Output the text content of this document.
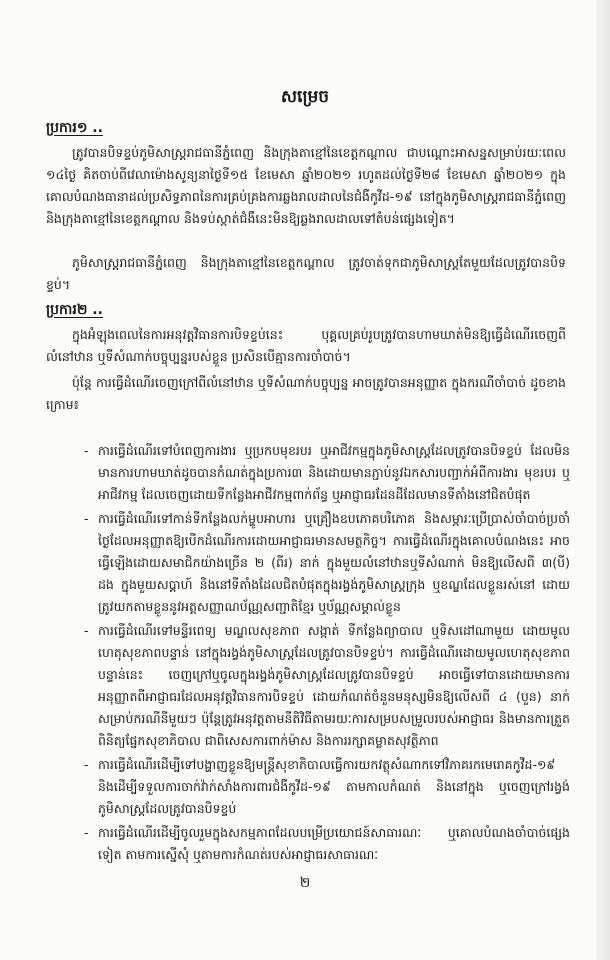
សម្រេច
ប្រការ១ ..
ត្រូវបានបិទខ្ទប់ភូមិសាស្ត្ររាជធានីភ្នំពេញ និងក្រុងតាខ្មៅនៃខេត្តកណ្ដាល ជាបណ្ដោះអាសន្នសម្រាប់រយៈពេល ១៤ថ្ងៃ គិតចាប់ពីវេលាម៉ោងសូន្យនាថ្ងៃទី១៥ ខែមេសា ឆ្នាំ២០២១ រហូតដល់ថ្ងៃទី២៨ ខែមេសា ឆ្នាំ២០២១ ក្នុងគោលបំណងធានាដល់ប្រសិទ្ធភាពនៃការគ្រប់គ្រងការឆ្លងរាលដាលនៃជំងឺកូវីដ-១៩ នៅក្នុងភូមិសាស្ត្ររាជធានីភ្នំពេញ និងក្រុងតាខ្មៅនៃខេត្តកណ្ដាល និងទប់ស្កាត់ជំងឺនេះមិនឱ្យឆ្លងរាលដាលទៅតំបន់ផ្សេងទៀត។
ភូមិសាស្ត្ររាជធានីភ្នំពេញ និងក្រុងតាខ្មៅនៃខេត្តកណ្ដាល ត្រូវចាត់ទុកជាភូមិសាស្ត្រតែមួយដែលត្រូវបានបិទខ្ទប់។
ប្រការ២ ..
ក្នុងអំឡុងពេលនៃការអនុវត្តវិធានការបិទខ្ទប់នេះ បុគ្គលគ្រប់រូបត្រូវបានហាមឃាត់មិនឱ្យធ្វើដំណើរចេញពីលំនៅឋាន ឬទីសំណាក់បច្ចុប្បន្នរបស់ខ្លួន ប្រសិនបើគ្មានការចាំបាច់។
ប៉ុន្តែ ការធ្វើដំណើរចេញក្រៅពីលំនៅឋាន ឬទីសំណាក់បច្ចុប្បន្ន អាចត្រូវបានអនុញ្ញាត ក្នុងករណីចាំបាច់ ដូចខាងក្រោម៖
- ការធ្វើដំណើរទៅបំពេញការងារ ឬប្រកបមុខរបរ ឬអាជីវកម្មក្នុងភូមិសាស្ត្រដែលត្រូវបានបិទខ្ទប់ ដែលមិនមានការហាមឃាត់ដូចបានកំណត់ក្នុងប្រការ៣ និងដោយមានភ្ជាប់នូវឯកសារបញ្ជាក់អំពីការងារ មុខរបរ ឬអាជីវកម្ម ដែលចេញដោយទីកន្លែងអាជីវកម្មពាក់ព័ន្ធ ឬអាជ្ញាធរដែនដីដែលមានទីតាំងនៅជិតបំផុត
- ការធ្វើដំណើរទៅកាន់ទីកន្លែងលក់ម្ហូបអាហារ ឬគ្រឿងឧបភោគបរិភោគ និងសម្ភារៈប្រើប្រាស់ចាំបាច់ប្រចាំថ្ងៃដែលអនុញ្ញាតឱ្យបើកដំណើរការដោយអាជ្ញាធរមានសមត្ថកិច្ច។ ការធ្វើដំណើរក្នុងគោលបំណងនេះ អាចធ្វើឡើងដោយសមាជិកយ៉ាងច្រើន ២ (ពីរ) នាក់ ក្នុងមួយលំនៅឋានឬទីសំណាក់ មិនឱ្យលើសពី ៣(បី) ដង ក្នុងមួយសប្ដាហ៍ និងនៅទីតាំងដែលជិតបំផុតក្នុងរង្វង់ភូមិសាស្ត្រក្រុង ឬខណ្ឌដែលខ្លួនរស់នៅ ដោយត្រូវយកតាមខ្លួននូវអត្តសញ្ញាណប័ណ្ណសញ្ជាតិខ្មែរ ឬប័ណ្ណសម្គាល់ខ្លួន
- ការធ្វើដំណើរទៅមន្ទីរពេទ្យ មណ្ឌលសុខភាព សង្កាត់ ទីកន្លែងព្យាបាល ឬទិសដៅណាមួយ ដោយមូលហេតុសុខភាពបន្ទាន់ នៅក្នុងរង្វង់ភូមិសាស្ត្រដែលត្រូវបានបិទខ្ទប់។ ការធ្វើដំណើរដោយមូលហេតុសុខភាពបន្ទាន់នេះ ចេញក្រៅឬចូលក្នុងរង្វង់ភូមិសាស្ត្រដែលត្រូវបានបិទខ្ទប់ អាចធ្វើទៅបានដោយមានការអនុញ្ញាតពីអាជ្ញាធរដែលអនុវត្តវិធានការបិទខ្ទប់ ដោយកំណត់ចំនួនមនុស្សមិនឱ្យលើសពី ៤ (បួន) នាក់សម្រាប់ករណីនីមួយៗ ប៉ុន្តែត្រូវអនុវត្តតាមនីតិវិធីតាមរយៈការសម្របសម្រួលរបស់អាជ្ញាធរ និងមានការត្រួតពិនិត្យផ្នែកសុខាភិបាល ជាពិសេសការពាក់ម៉ាស និងការរក្សាគម្លាតសុវត្ថិភាព
- ការធ្វើដំណើរដើម្បីទៅបង្ហាញខ្លួនឱ្យមន្ត្រីសុខាភិបាលធ្វើការយកវត្ថុសំណាកទៅវិភាគរកមេរោគកូវីដ-១៩ និងដើម្បីទទួលការចាក់វ៉ាក់សាំងការពារជំងឺកូវីដ-១៩ តាមកាលកំណត់ និងនៅក្នុង ឬចេញក្រៅរង្វង់ភូមិសាស្ត្រដែលត្រូវបានបិទខ្ទប់
- ការធ្វើដំណើរដើម្បីចូលរួមក្នុងសកម្មភាពដែលបម្រើប្រយោជន៍សាធារណៈ ឬគោលបំណងចាំបាច់ផ្សេងទៀត តាមការស្នើសុំ ឬតាមការកំណត់របស់អាជ្ញាធរសាធារណៈ
២
